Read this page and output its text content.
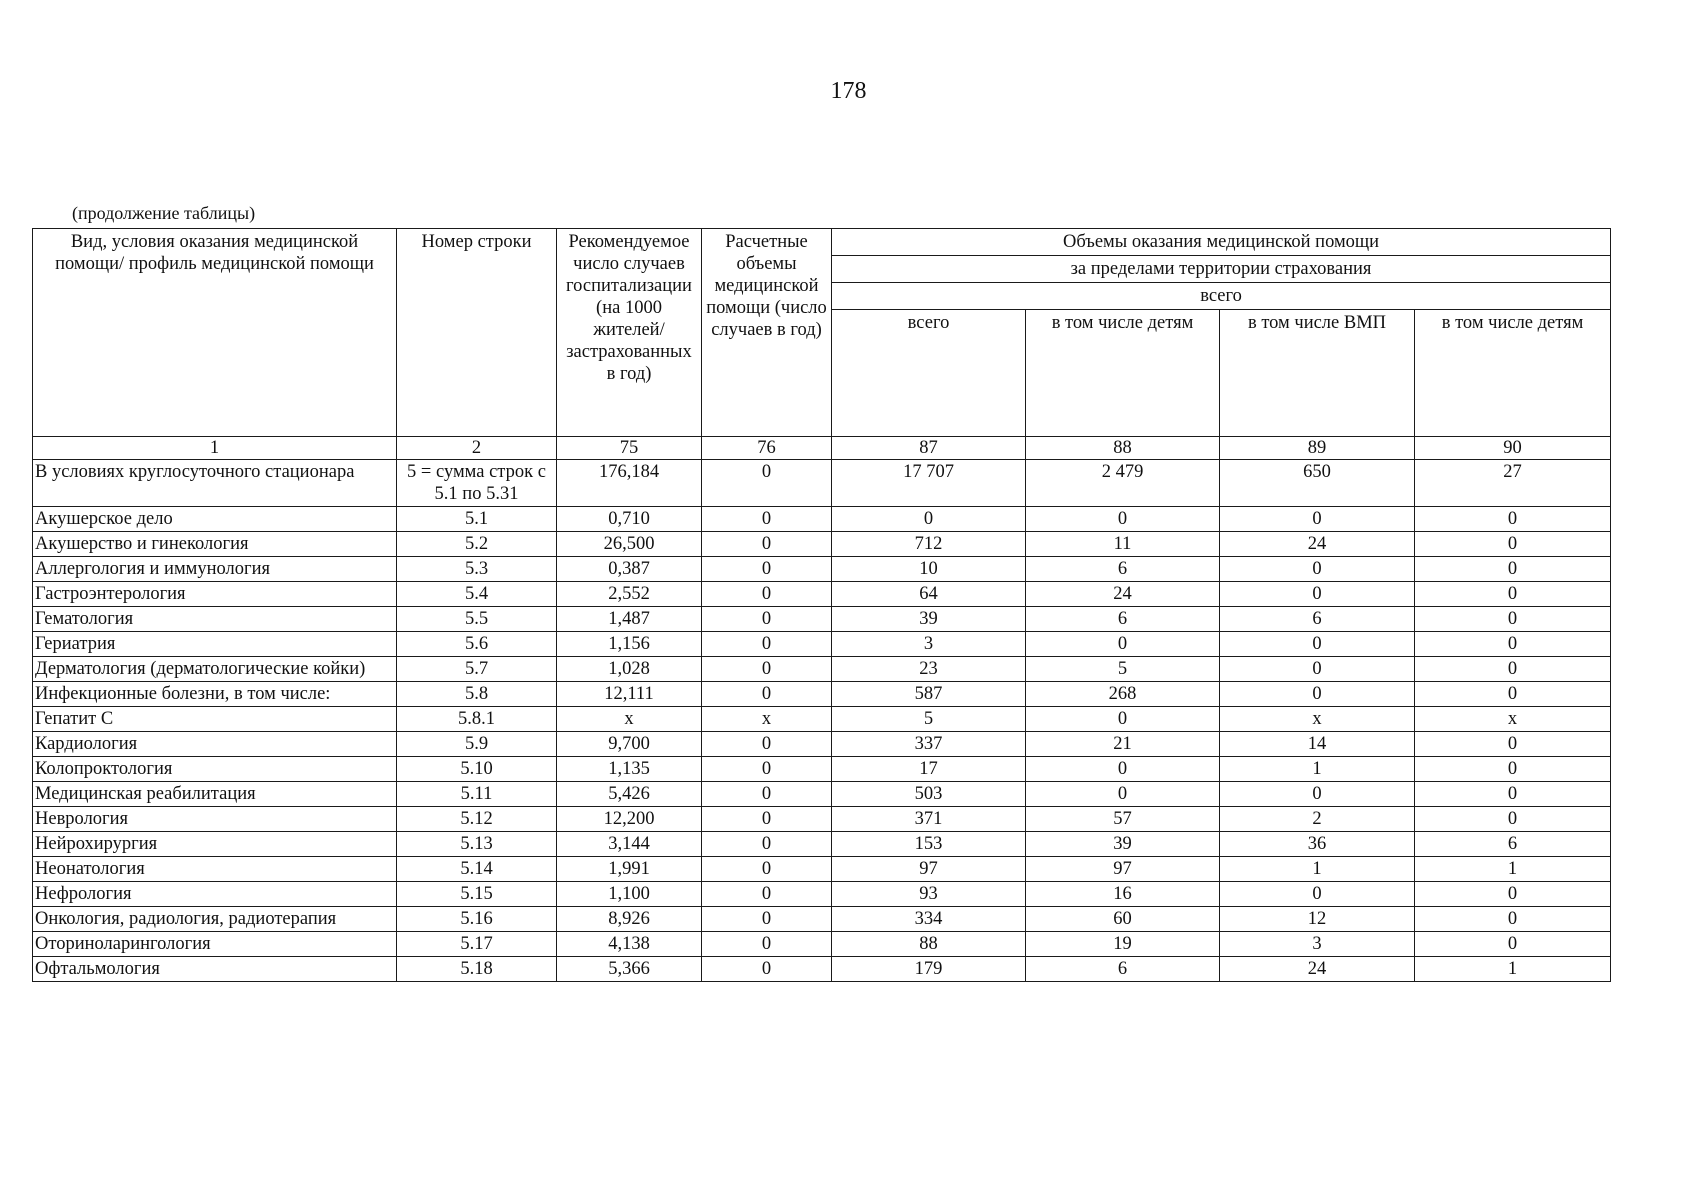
178
(продолжение таблицы)
Вид, условия оказания медицинской помощи/ профиль медицинской помощи	Номер строки	Рекомендуемое число случаев госпитализации (на 1000 жителей/ застрахованных в год)	Расчетные объемы медицинской помощи (число случаев в год)	Объемы оказания медицинской помощи			
				за пределами территории страхования			
				всего			
				всего	в том числе детям	в том числе ВМП	в том числе детям
1	2	75	76	87	88	89	90
В условиях круглосуточного стационара	5 = сумма строк с 5.1 по 5.31	176,184	0	17 707	2 479	650	27
Акушерское дело	5.1	0,710	0	0	0	0	0
Акушерство и гинекология	5.2	26,500	0	712	11	24	0
Аллергология и иммунология	5.3	0,387	0	10	6	0	0
Гастроэнтерология	5.4	2,552	0	64	24	0	0
Гематология	5.5	1,487	0	39	6	6	0
Гериатрия	5.6	1,156	0	3	0	0	0
Дерматология (дерматологические койки)	5.7	1,028	0	23	5	0	0
Инфекционные болезни, в том числе:	5.8	12,111	0	587	268	0	0
Гепатит С	5.8.1	х	х	5	0	х	х
Кардиология	5.9	9,700	0	337	21	14	0
Колопроктология	5.10	1,135	0	17	0	1	0
Медицинская реабилитация	5.11	5,426	0	503	0	0	0
Неврология	5.12	12,200	0	371	57	2	0
Нейрохирургия	5.13	3,144	0	153	39	36	6
Неонатология	5.14	1,991	0	97	97	1	1
Нефрология	5.15	1,100	0	93	16	0	0
Онкология, радиология, радиотерапия	5.16	8,926	0	334	60	12	0
Оториноларингология	5.17	4,138	0	88	19	3	0
Офтальмология	5.18	5,366	0	179	6	24	1
